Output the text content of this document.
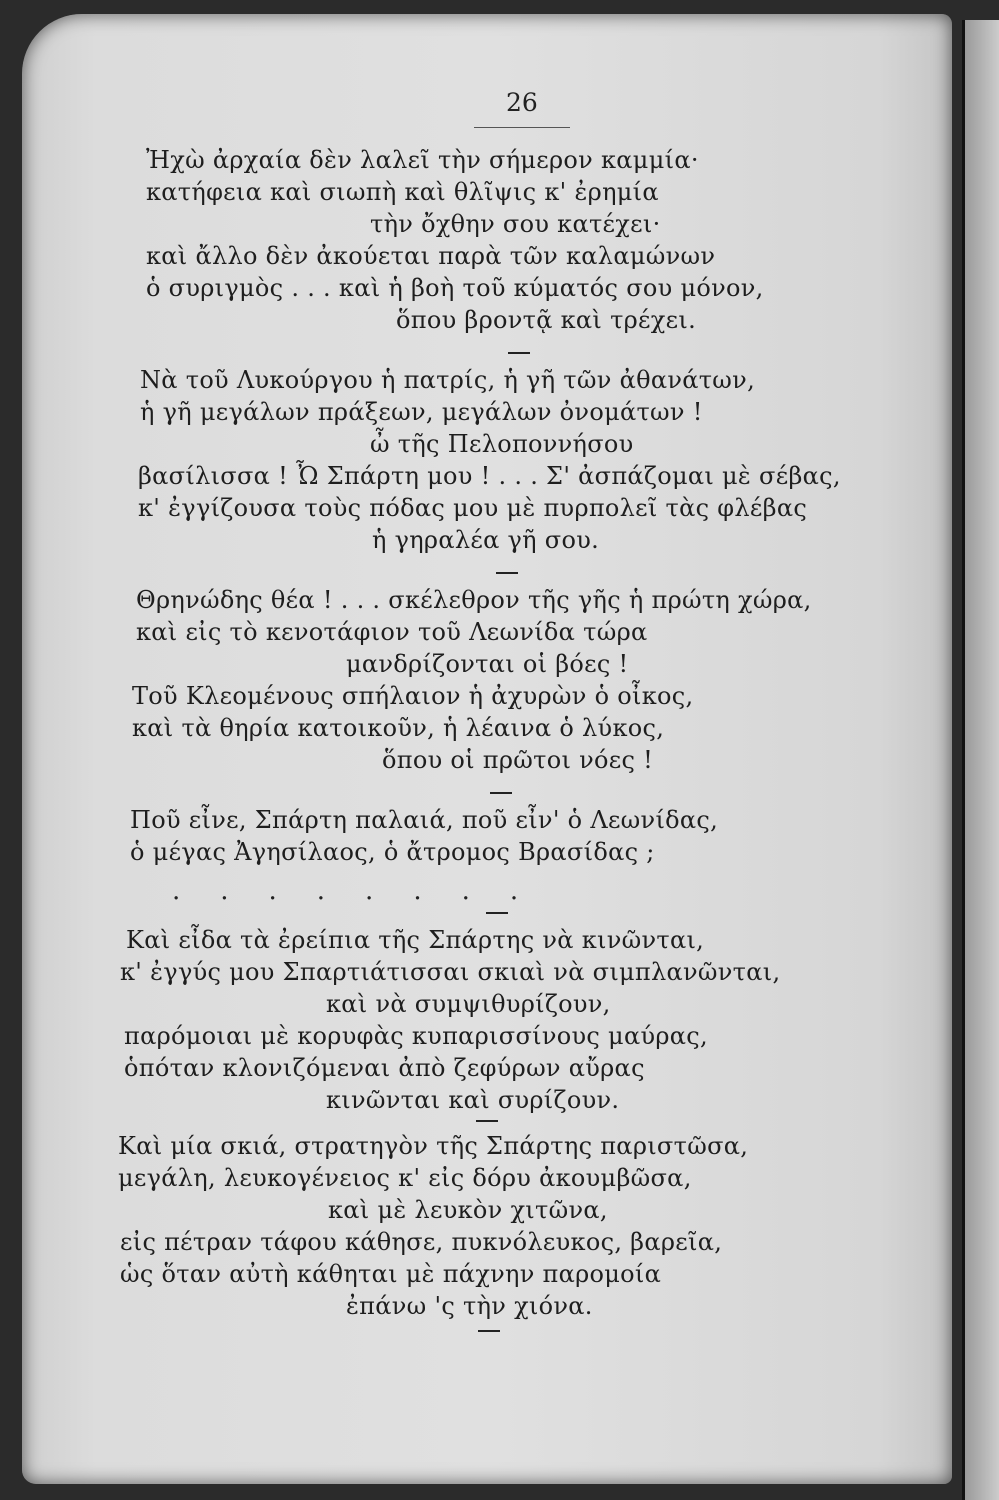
26
Ἠχὼ ἀρχαία δὲν λαλεῖ τὴν σήμερον καμμία·
κατήφεια καὶ σιωπὴ καὶ θλῖψις κ' ἐρημία
τὴν ὄχθην σου κατέχει·
καὶ ἄλλο δὲν ἀκούεται παρὰ τῶν καλαμώνων
ὁ συριγμὸς . . . καὶ ἡ βοὴ τοῦ κύματός σου μόνον,
ὅπου βροντᾷ καὶ τρέχει.
Νὰ τοῦ Λυκούργου ἡ πατρίς, ἡ γῆ τῶν ἀθανάτων,
ἡ γῆ μεγάλων πράξεων, μεγάλων ὀνομάτων !
ὦ τῆς Πελοποννήσου
βασίλισσα ! Ὦ Σπάρτη μου ! . . . Σ' ἀσπάζομαι μὲ σέβας,
κ' ἐγγίζουσα τοὺς πόδας μου μὲ πυρπολεῖ τὰς φλέβας
ἡ γηραλέα γῆ σου.
Θρηνώδης θέα ! . . . σκέλεθρον τῆς γῆς ἡ πρώτη χώρα,
καὶ εἰς τὸ κενοτάφιον τοῦ Λεωνίδα τώρα
μανδρίζονται οἱ βόες !
Τοῦ Κλεομένους σπήλαιον ἡ ἀχυρὼν ὁ οἶκος,
καὶ τὰ θηρία κατοικοῦν, ἡ λέαινα ὁ λύκος,
ὅπου οἱ πρῶτοι νόες !
Ποῦ εἶνε, Σπάρτη παλαιά, ποῦ εἶν' ὁ Λεωνίδας,
ὁ μέγας Ἀγησίλαος, ὁ ἄτρομος Βρασίδας ;
........
Καὶ εἶδα τὰ ἐρείπια τῆς Σπάρτης νὰ κινῶνται,
κ' ἐγγύς μου Σπαρτιάτισσαι σκιαὶ νὰ σιμπλανῶνται,
καὶ νὰ συμψιθυρίζουν,
παρόμοιαι μὲ κορυφὰς κυπαρισσίνους μαύρας,
ὁπόταν κλονιζόμεναι ἀπὸ ζεφύρων αὔρας
κινῶνται καὶ συρίζουν.
Καὶ μία σκιά, στρατηγὸν τῆς Σπάρτης παριστῶσα,
μεγάλη, λευκογένειος κ' εἰς δόρυ ἀκουμβῶσα,
καὶ μὲ λευκὸν χιτῶνα,
εἰς πέτραν τάφου κάθησε, πυκνόλευκος, βαρεῖα,
ὡς ὅταν αὐτὴ κάθηται μὲ πάχνην παρομοία
ἐπάνω 'ς τὴν χιόνα.
